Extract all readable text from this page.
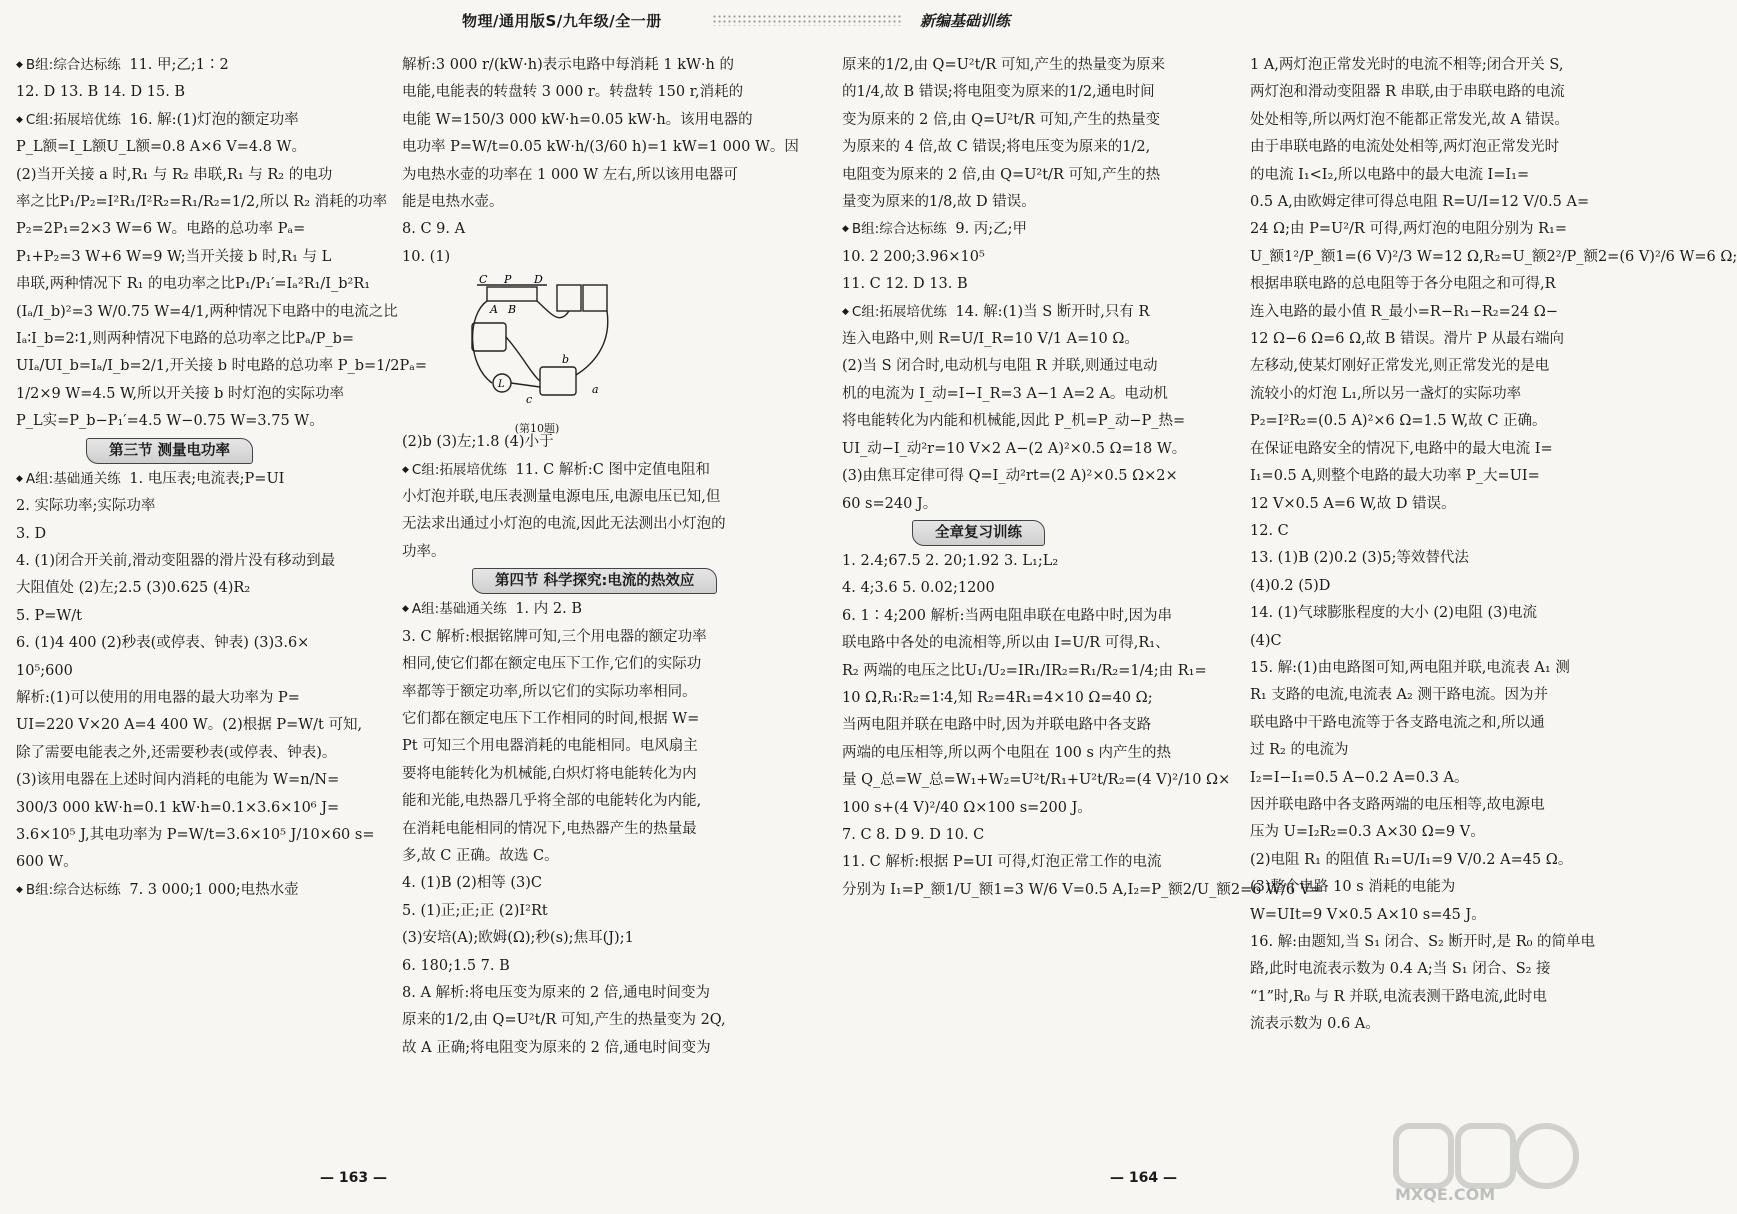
物理/通用版S/九年级/全一册	新编基础训练
◆ B组:综合达标练 11. 甲;乙;1∶2
12. D 13. B 14. D 15. B
◆ C组:拓展培优练 16. 解:(1)灯泡的额定功率
P_L额=I_L额U_L额=0.8 A×6 V=4.8 W。
(2)当开关接 a 时,R₁ 与 R₂ 串联,R₁ 与 R₂ 的电功
率之比P₁/P₂=I²R₁/I²R₂=R₁/R₂=1/2,所以 R₂ 消耗的功率
P₂=2P₁=2×3 W=6 W。电路的总功率 Pₐ=
P₁+P₂=3 W+6 W=9 W;当开关接 b 时,R₁ 与 L
串联,两种情况下 R₁ 的电功率之比P₁/P₁′=Iₐ²R₁/I_b²R₁
(Iₐ/I_b)²=3 W/0.75 W=4/1,两种情况下电路中的电流之比
Iₐ∶I_b=2∶1,则两种情况下电路的总功率之比Pₐ/P_b=
UIₐ/UI_b=Iₐ/I_b=2/1,开关接 b 时电路的总功率 P_b=1/2Pₐ=
1/2×9 W=4.5 W,所以开关接 b 时灯泡的实际功率
P_L实=P_b−P₁′=4.5 W−0.75 W=3.75 W。
第三节 测量电功率
◆ A组:基础通关练 1. 电压表;电流表;P=UI
2. 实际功率;实际功率
3. D
4. (1)闭合开关前,滑动变阻器的滑片没有移动到最
大阻值处 (2)左;2.5 (3)0.625 (4)R₂
5. P=W/t
6. (1)4 400 (2)秒表(或停表、钟表) (3)3.6×
10⁵;600
解析:(1)可以使用的用电器的最大功率为 P=
UI=220 V×20 A=4 400 W。(2)根据 P=W/t 可知,
除了需要电能表之外,还需要秒表(或停表、钟表)。
(3)该用电器在上述时间内消耗的电能为 W=n/N=
300/3 000 kW·h=0.1 kW·h=0.1×3.6×10⁶ J=
3.6×10⁵ J,其电功率为 P=W/t=3.6×10⁵ J/10×60 s=
600 W。
◆ B组:综合达标练 7. 3 000;1 000;电热水壶
解析:3 000 r/(kW·h)表示电路中每消耗 1 kW·h 的
电能,电能表的转盘转 3 000 r。转盘转 150 r,消耗的
电能 W=150/3 000 kW·h=0.05 kW·h。该用电器的
电功率 P=W/t=0.05 kW·h/(3/60 h)=1 kW=1 000 W。因
为电热水壶的功率在 1 000 W 左右,所以该用电器可
能是电热水壶。
8. C 9. A
10. (1)
C P D
A B
L	a
b
c
(第10题)
(2)b (3)左;1.8 (4)小于
◆ C组:拓展培优练 11. C 解析:C 图中定值电阻和
小灯泡并联,电压表测量电源电压,电源电压已知,但
无法求出通过小灯泡的电流,因此无法测出小灯泡的
功率。
第四节 科学探究:电流的热效应
◆ A组:基础通关练 1. 内 2. B
3. C 解析:根据铭牌可知,三个用电器的额定功率
相同,使它们都在额定电压下工作,它们的实际功
率都等于额定功率,所以它们的实际功率相同。
它们都在额定电压下工作相同的时间,根据 W=
Pt 可知三个用电器消耗的电能相同。电风扇主
要将电能转化为机械能,白炽灯将电能转化为内
能和光能,电热器几乎将全部的电能转化为内能,
在消耗电能相同的情况下,电热器产生的热量最
多,故 C 正确。故选 C。
4. (1)B (2)相等 (3)C
5. (1)正;正;正 (2)I²Rt
(3)安培(A);欧姆(Ω);秒(s);焦耳(J);1
6. 180;1.5 7. B
8. A 解析:将电压变为原来的 2 倍,通电时间变为
原来的1/2,由 Q=U²t/R 可知,产生的热量变为 2Q,
故 A 正确;将电阻变为原来的 2 倍,通电时间变为
原来的1/2,由 Q=U²t/R 可知,产生的热量变为原来
的1/4,故 B 错误;将电阻变为原来的1/2,通电时间
变为原来的 2 倍,由 Q=U²t/R 可知,产生的热量变
为原来的 4 倍,故 C 错误;将电压变为原来的1/2,
电阻变为原来的 2 倍,由 Q=U²t/R 可知,产生的热
量变为原来的1/8,故 D 错误。
◆ B组:综合达标练 9. 丙;乙;甲
10. 2 200;3.96×10⁵
11. C 12. D 13. B
◆ C组:拓展培优练 14. 解:(1)当 S 断开时,只有 R
连入电路中,则 R=U/I_R=10 V/1 A=10 Ω。
(2)当 S 闭合时,电动机与电阻 R 并联,则通过电动
机的电流为 I_动=I−I_R=3 A−1 A=2 A。电动机
将电能转化为内能和机械能,因此 P_机=P_动−P_热=
UI_动−I_动²r=10 V×2 A−(2 A)²×0.5 Ω=18 W。
(3)由焦耳定律可得 Q=I_动²rt=(2 A)²×0.5 Ω×2×
60 s=240 J。
全章复习训练
1. 2.4;67.5 2. 20;1.92 3. L₁;L₂
4. 4;3.6 5. 0.02;1200
6. 1∶4;200 解析:当两电阻串联在电路中时,因为串
联电路中各处的电流相等,所以由 I=U/R 可得,R₁、
R₂ 两端的电压之比U₁/U₂=IR₁/IR₂=R₁/R₂=1/4;由 R₁=
10 Ω,R₁∶R₂=1∶4,知 R₂=4R₁=4×10 Ω=40 Ω;
当两电阻并联在电路中时,因为并联电路中各支路
两端的电压相等,所以两个电阻在 100 s 内产生的热
量 Q_总=W_总=W₁+W₂=U²t/R₁+U²t/R₂=(4 V)²/10 Ω×
100 s+(4 V)²/40 Ω×100 s=200 J。
7. C 8. D 9. D 10. C
11. C 解析:根据 P=UI 可得,灯泡正常工作的电流
分别为 I₁=P_额1/U_额1=3 W/6 V=0.5 A,I₂=P_额2/U_额2=6 W/6 V=
1 A,两灯泡正常发光时的电流不相等;闭合开关 S,
两灯泡和滑动变阻器 R 串联,由于串联电路的电流
处处相等,所以两灯泡不能都正常发光,故 A 错误。
由于串联电路的电流处处相等,两灯泡正常发光时
的电流 I₁<I₂,所以电路中的最大电流 I=I₁=
0.5 A,由欧姆定律可得总电阻 R=U/I=12 V/0.5 A=
24 Ω;由 P=U²/R 可得,两灯泡的电阻分别为 R₁=
U_额1²/P_额1=(6 V)²/3 W=12 Ω,R₂=U_额2²/P_额2=(6 V)²/6 W=6 Ω;
根据串联电路的总电阻等于各分电阻之和可得,R
连入电路的最小值 R_最小=R−R₁−R₂=24 Ω−
12 Ω−6 Ω=6 Ω,故 B 错误。滑片 P 从最右端向
左移动,使某灯刚好正常发光,则正常发光的是电
流较小的灯泡 L₁,所以另一盏灯的实际功率
P₂=I²R₂=(0.5 A)²×6 Ω=1.5 W,故 C 正确。
在保证电路安全的情况下,电路中的最大电流 I=
I₁=0.5 A,则整个电路的最大功率 P_大=UI=
12 V×0.5 A=6 W,故 D 错误。
12. C
13. (1)B (2)0.2 (3)5;等效替代法
(4)0.2 (5)D
14. (1)气球膨胀程度的大小 (2)电阻 (3)电流
(4)C
15. 解:(1)由电路图可知,两电阻并联,电流表 A₁ 测
R₁ 支路的电流,电流表 A₂ 测干路电流。因为并
联电路中干路电流等于各支路电流之和,所以通
过 R₂ 的电流为
I₂=I−I₁=0.5 A−0.2 A=0.3 A。
因并联电路中各支路两端的电压相等,故电源电
压为 U=I₂R₂=0.3 A×30 Ω=9 V。
(2)电阻 R₁ 的阻值 R₁=U/I₁=9 V/0.2 A=45 Ω。
(3)整个电路 10 s 消耗的电能为
W=UIt=9 V×0.5 A×10 s=45 J。
16. 解:由题知,当 S₁ 闭合、S₂ 断开时,是 R₀ 的简单电
路,此时电流表示数为 0.4 A;当 S₁ 闭合、S₂ 接
“1”时,R₀ 与 R 并联,电流表测干路电流,此时电
流表示数为 0.6 A。
— 163 —	— 164 —
MXQE.COM
